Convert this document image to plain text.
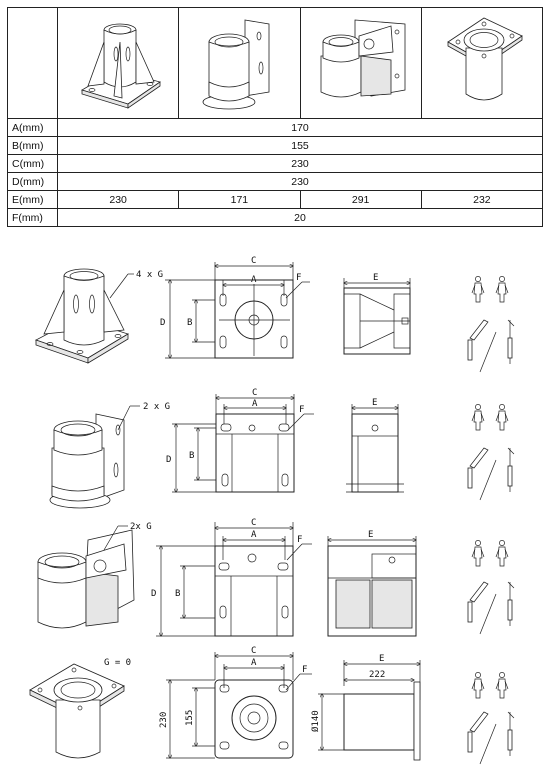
A(mm)	170			
B(mm)	155			
C(mm)	230			
D(mm)	230			
E(mm)	230	171	291	232
F(mm)	20			
4 x G
C
A
B
D
F	E
2 x G
C
A
B
D
F
E
2x G	C
A
B
D
F	E
G = 0
C
A
155
230
F
E
222
Ø140
